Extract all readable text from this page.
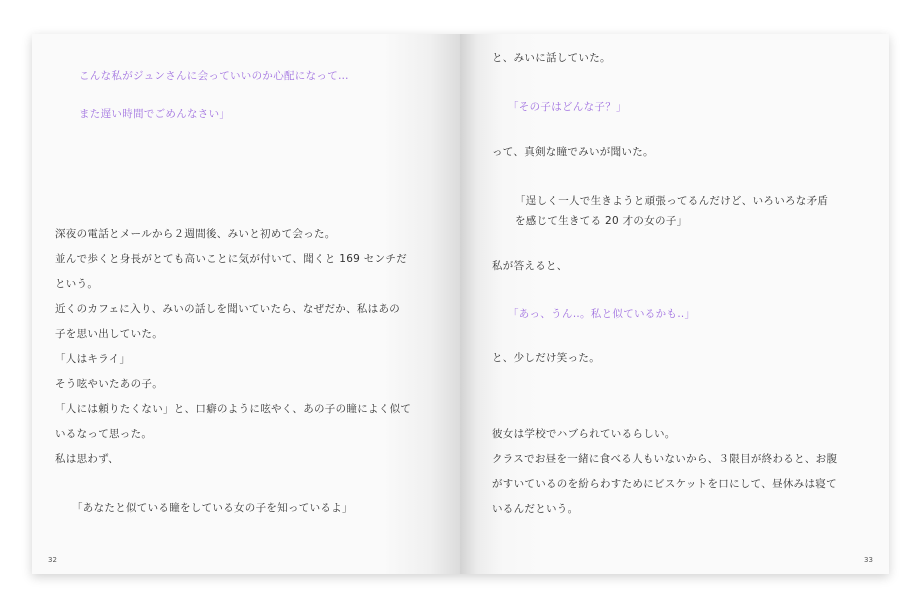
こんな私がジュンさんに会っていいのか心配になって…

また遅い時間でごめんなさい」

深夜の電話とメールから２週間後、みいと初めて会った。

並んで歩くと身長がとても高いことに気が付いて、聞くと 169 センチだ

という。

近くのカフェに入り、みいの話しを聞いていたら、なぜだか、私はあの

子を思い出していた。

「人はキライ」

そう呟やいたあの子。

「人には頼りたくない」と、口癖のように呟やく、あの子の瞳によく似て

いるなって思った。

私は思わず、

「あなたと似ている瞳をしている女の子を知っているよ」

32

と、みいに話していた。

「その子はどんな子？」

って、真剣な瞳でみいが聞いた。

「逞しく一人で生きようと頑張ってるんだけど、いろいろな矛盾

を感じて生きてる 20 才の女の子」

私が答えると、

「あっ、うん‥。私と似ているかも‥」

と、少しだけ笑った。

彼女は学校でハブられているらしい。

クラスでお昼を一緒に食べる人もいないから、３限目が終わると、お腹

がすいているのを紛らわすためにビスケットを口にして、昼休みは寝て

いるんだという。

33
